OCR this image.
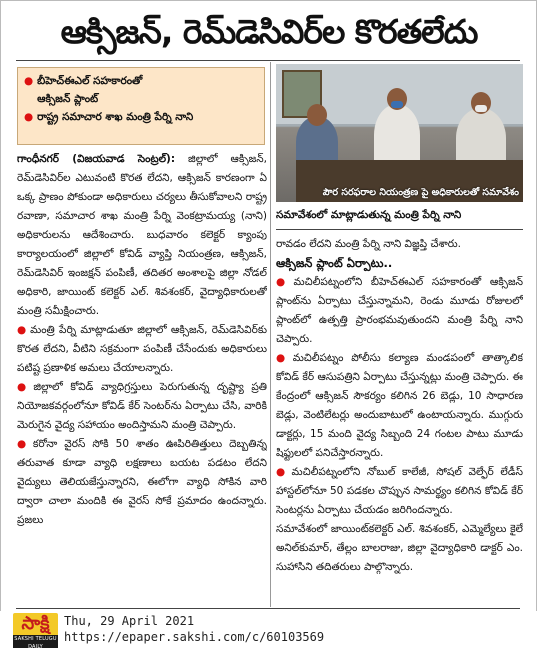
ఆక్సిజన్, రెమ్‌డెసివిర్‌ల కొరతలేదు
● బీహెచ్‌ఈఎల్ సహకారంతో
ఆక్సిజన్ ప్లాంట్
● రాష్ట్ర సమాచార శాఖ మంత్రి పేర్ని నాని

గాంధీనగర్ (విజయవాడ సెంట్రల్): జిల్లాలో ఆక్సిజన్, రెమ్‌డెసివిర్‌ల ఎటువంటి కొరత లేదని, ఆక్సిజన్ కారణంగా ఏ ఒక్క ప్రాణం పోకుండా అధికారులు చర్యలు తీసుకోవాలని రాష్ట్ర రవాణా, సమాచార శాఖ మంత్రి పేర్ని వెంకట్రామయ్య (నాని) అధికారులను ఆదేశించారు. బుధవారం కలెక్టర్ క్యాంపు కార్యాలయంలో జిల్లాలో కోవిడ్ వ్యాప్తి నియంత్రణ, ఆక్సిజన్, రెమ్‌డెసివిర్ ఇంజక్షన్ పంపిణీ, తదితర అంశాలపై జిల్లా నోడల్ అధికారి, జాయింట్ కలెక్టర్ ఎల్. శివశంకర్, వైద్యాధికారులతో మంత్రి సమీక్షించారు.

● మంత్రి పేర్ని మాట్లాడుతూ జిల్లాలో ఆక్సిజన్, రెమ్‌డెసివిర్‌కు కొరత లేదని, వీటిని సక్రమంగా పంపిణీ చేసేందుకు అధికారులు పటిష్ట ప్రణాళిక అమలు చేయాలన్నారు.

● జిల్లాలో కోవిడ్ వ్యాధిగ్రస్తులు పెరుగుతున్న దృష్ట్యా ప్రతి నియోజకవర్గంలోనూ కోవిడ్ కేర్ సెంటర్‌ను ఏర్పాటు చేసి, వారికి మెరుగైన వైద్య సహాయం అందిస్తామని మంత్రి చెప్పారు.

● కరోనా వైరస్ సోకి 50 శాతం ఊపిరితిత్తులు దెబ్బతిన్న తరువాత కూడా వ్యాధి లక్షణాలు బయట పడటం లేదని వైద్యులు తెలియజేస్తున్నారని, ఈలోగా వ్యాధి సోకిన వారి ద్వారా చాలా మందికి ఈ వైరస్ సోకే ప్రమాదం ఉందన్నారు. ప్రజలు

పౌర సరఫరాల నియంత్రణ పై అధికారులతో సమావేశం
సమావేశంలో మాట్లాడుతున్న మంత్రి పేర్ని నాని

రావడం లేదని మంత్రి పేర్ని నాని విజ్ఞప్తి చేశారు.

ఆక్సిజన్ ప్లాంట్ ఏర్పాటు..

● మచిలీపట్నంలోని బీహెచ్‌ఈఎల్ సహకారంతో ఆక్సిజన్ ప్లాంట్‌ను ఏర్పాటు చేస్తున్నామని, రెండు మూడు రోజులలో ప్లాంట్‌లో ఉత్పత్తి ప్రారంభమవుతుందని మంత్రి పేర్ని నాని చెప్పారు.

● మచిలీపట్నం పోలీసు కల్యాణ మండపంలో తాత్కాలిక కోవిడ్ కేర్ ఆసుపత్రిని ఏర్పాటు చేస్తున్నట్లు మంత్రి చెప్పారు. ఈ కేంద్రంలో ఆక్సిజన్ సౌకర్యం కలిగిన 26 బెడ్లు, 10 సాధారణ బెడ్లు, వెంటిలేటర్లు అందుబాటులో ఉంటాయన్నారు. ముగ్గురు డాక్టర్లు, 15 మంది వైద్య సిబ్బంది 24 గంటల పాటు మూడు షిఫ్టులలో పనిచేస్తారన్నారు.

● మచిలీపట్నంలోని నోబుల్ కాలేజీ, సోషల్ వెల్ఫేర్ లేడీస్ హాస్టల్‌లోనూ 50 పడకల చొప్పున సామర్థ్యం కలిగిన కోవిడ్ కేర్ సెంటర్లను ఏర్పాటు చేయడం జరిగిందన్నారు.

సమావేశంలో జాయింట్‌కలెక్టర్ ఎల్. శివశంకర్, ఎమ్మెల్యేలు కైలే అనిల్‌కుమార్, తేల్లం బాలరాజు, జిల్లా వైద్యాధికారి డాక్టర్ ఎం. సుహాసిని తదితరులు పాల్గొన్నారు.

సాక్షి
SAKSHI TELUGU DAILY
Thu, 29 April 2021
https://epaper.sakshi.com/c/60103569
